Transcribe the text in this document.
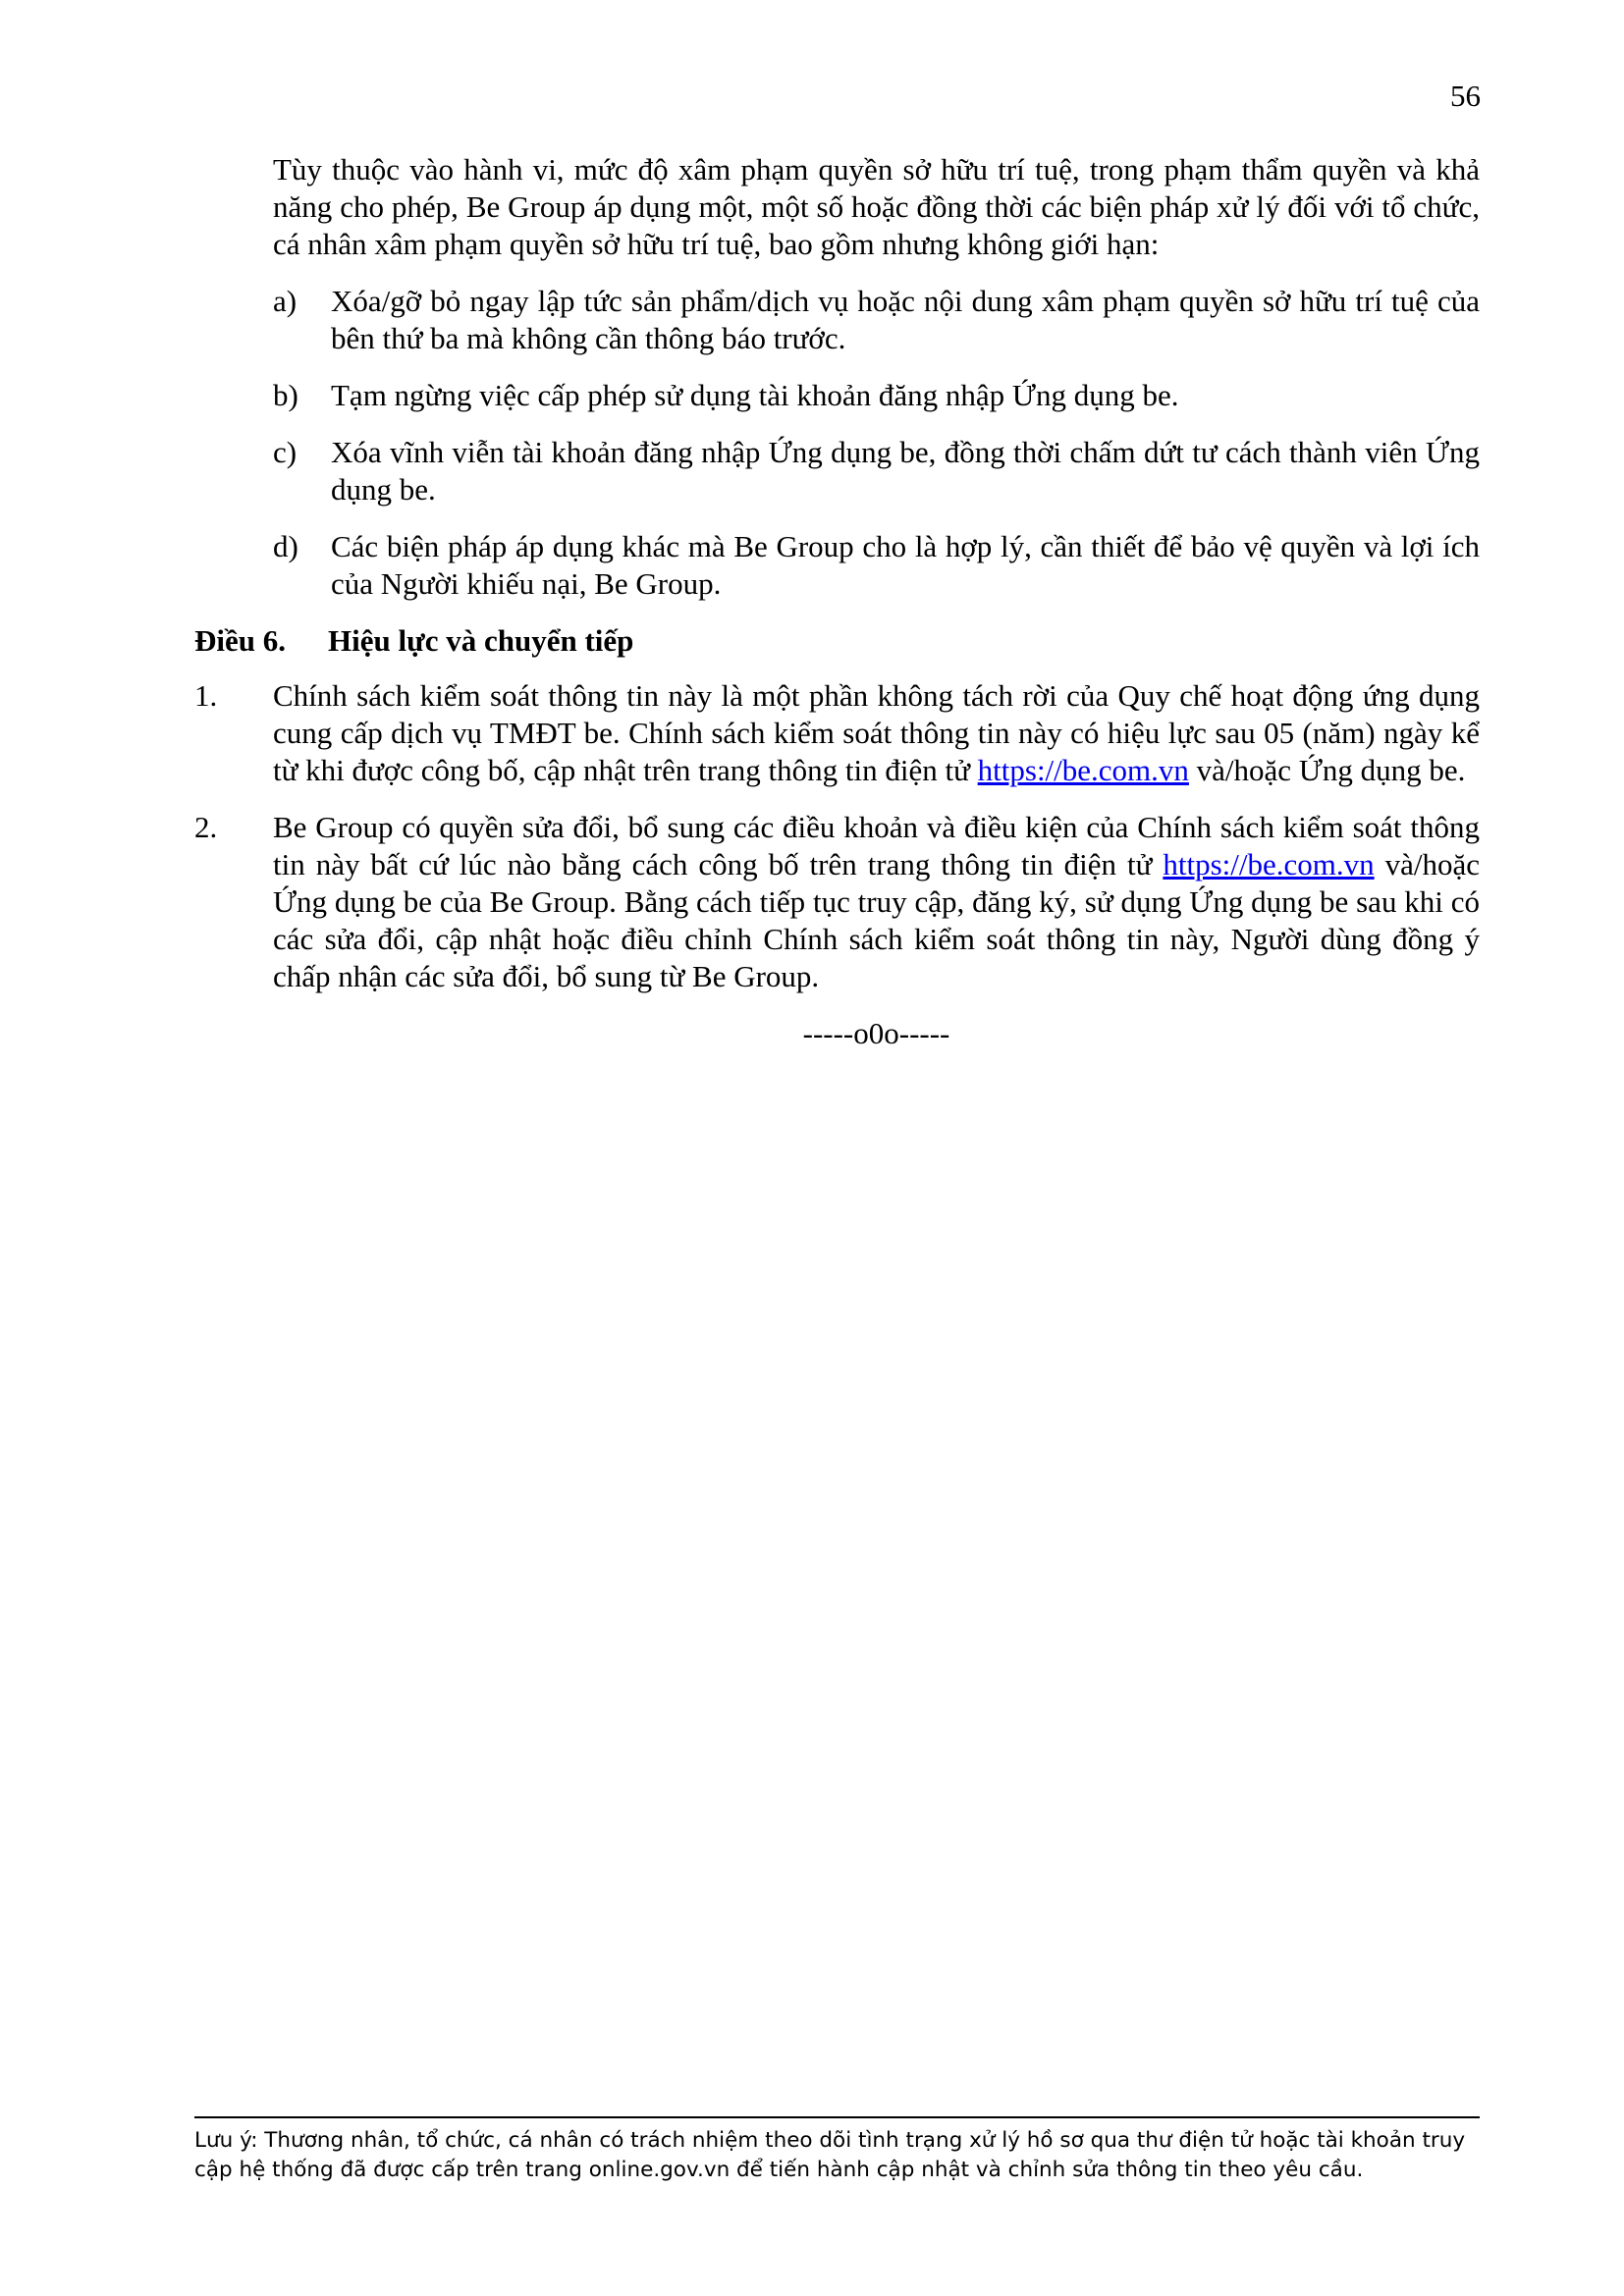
56

Tùy thuộc vào hành vi, mức độ xâm phạm quyền sở hữu trí tuệ, trong phạm thẩm quyền và khả năng cho phép, Be Group áp dụng một, một số hoặc đồng thời các biện pháp xử lý đối với tổ chức, cá nhân xâm phạm quyền sở hữu trí tuệ, bao gồm nhưng không giới hạn:

a) Xóa/gỡ bỏ ngay lập tức sản phẩm/dịch vụ hoặc nội dung xâm phạm quyền sở hữu trí tuệ của bên thứ ba mà không cần thông báo trước.
b) Tạm ngừng việc cấp phép sử dụng tài khoản đăng nhập Ứng dụng be.
c) Xóa vĩnh viễn tài khoản đăng nhập Ứng dụng be, đồng thời chấm dứt tư cách thành viên Ứng dụng be.
d) Các biện pháp áp dụng khác mà Be Group cho là hợp lý, cần thiết để bảo vệ quyền và lợi ích của Người khiếu nại, Be Group.
Điều 6. Hiệu lực và chuyển tiếp
1. Chính sách kiểm soát thông tin này là một phần không tách rời của Quy chế hoạt động ứng dụng cung cấp dịch vụ TMĐT be. Chính sách kiểm soát thông tin này có hiệu lực sau 05 (năm) ngày kể từ khi được công bố, cập nhật trên trang thông tin điện tử https://be.com.vn và/hoặc Ứng dụng be.
2. Be Group có quyền sửa đổi, bổ sung các điều khoản và điều kiện của Chính sách kiểm soát thông tin này bất cứ lúc nào bằng cách công bố trên trang thông tin điện tử https://be.com.vn và/hoặc Ứng dụng be của Be Group. Bằng cách tiếp tục truy cập, đăng ký, sử dụng Ứng dụng be sau khi có các sửa đổi, cập nhật hoặc điều chỉnh Chính sách kiểm soát thông tin này, Người dùng đồng ý chấp nhận các sửa đổi, bổ sung từ Be Group.
-----o0o-----
Lưu ý: Thương nhân, tổ chức, cá nhân có trách nhiệm theo dõi tình trạng xử lý hồ sơ qua thư điện tử hoặc tài khoản truy cập hệ thống đã được cấp trên trang online.gov.vn để tiến hành cập nhật và chỉnh sửa thông tin theo yêu cầu.
